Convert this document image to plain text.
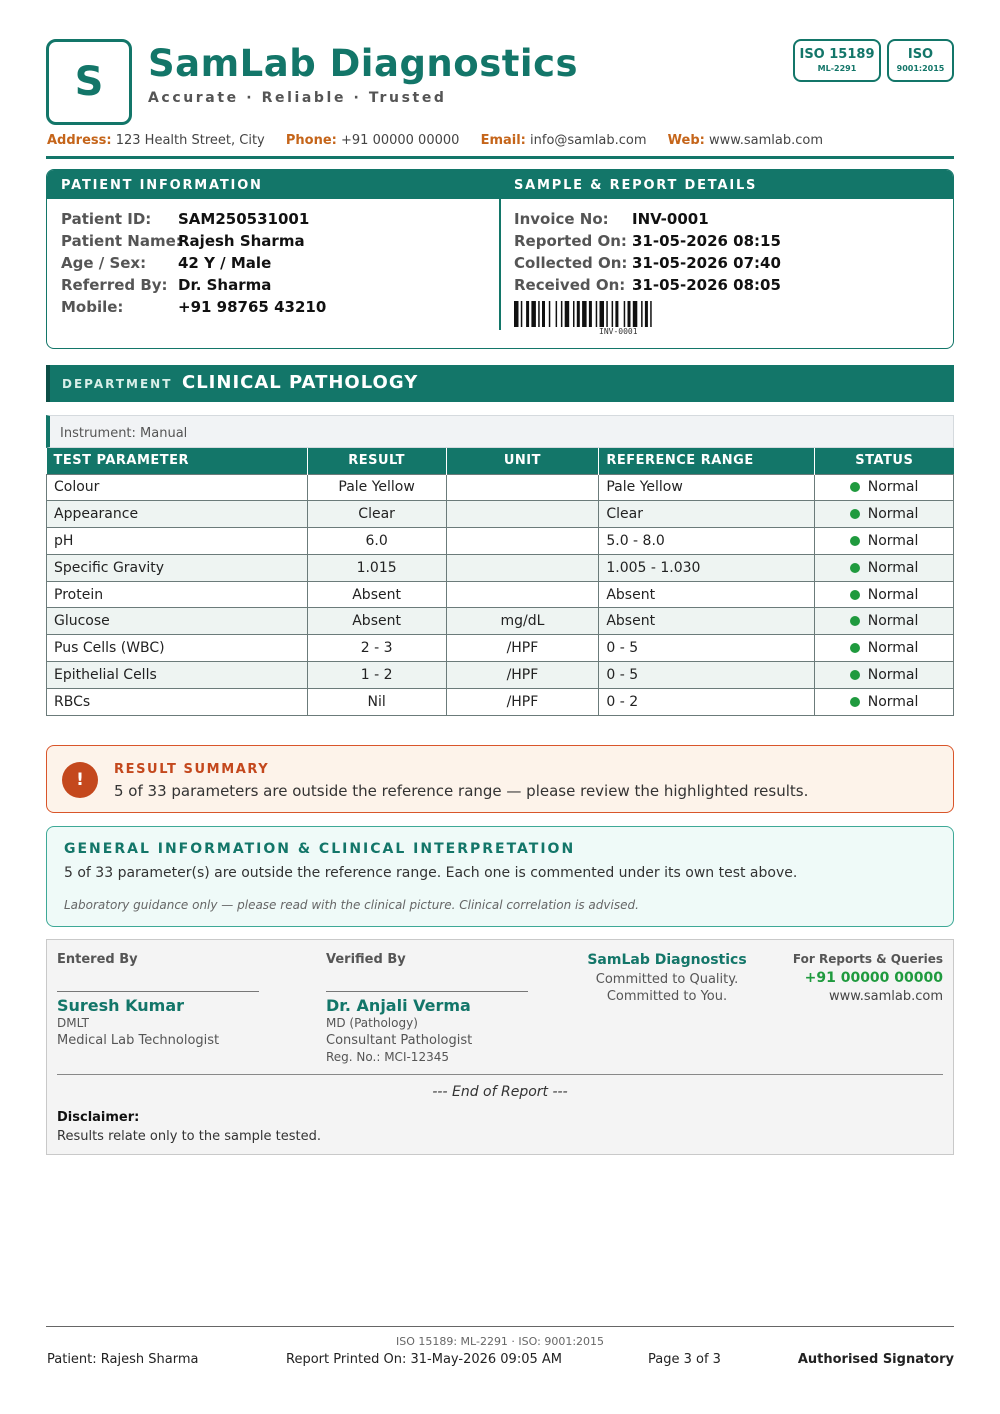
S SamLab Diagnostics
Accurate · Reliable · Trusted
ISO 15189
ML-2291
ISO
9001:2015
Address: 123 Health Street, City Phone: +91 00000 00000 Email: info@samlab.com Web: www.samlab.com
PATIENT INFORMATION	SAMPLE & REPORT DETAILS
Patient ID: SAM250531001
Patient Name:Rajesh Sharma
Age / Sex: 42 Y / Male
Referred By: Dr. Sharma
Mobile:	+91 98765 43210
Invoice No: INV-0001
Reported On: 31-05-2026 08:15
Collected On: 31-05-2026 07:40
Received On: 31-05-2026 08:05
INV-0001
DEPARTMENT CLINICAL PATHOLOGY
Instrument: Manual
TEST PARAMETER	RESULT	UNIT	REFERENCE RANGE	STATUS
Colour	Pale Yellow		Pale Yellow	Normal
Appearance	Clear		Clear	Normal
pH	6.0		5.0 - 8.0	Normal
Specific Gravity	1.015		1.005 - 1.030	Normal
Protein	Absent		Absent	Normal
Glucose	Absent	mg/dL	Absent	Normal
Pus Cells (WBC)	2 - 3	/HPF	0 - 5	Normal
Epithelial Cells	1 - 2	/HPF	0 - 5	Normal
RBCs	Nil	/HPF	0 - 2	Normal
!
RESULT SUMMARY
5 of 33 parameters are outside the reference range — please review the highlighted results.
GENERAL INFORMATION & CLINICAL INTERPRETATION
5 of 33 parameter(s) are outside the reference range. Each one is commented under its own test above.
Laboratory guidance only — please read with the clinical picture. Clinical correlation is advised.
Entered By
Suresh Kumar
DMLT
Medical Lab Technologist
Verified By
Dr. Anjali Verma
MD (Pathology)
Consultant Pathologist
Reg. No.: MCI-12345
SamLab Diagnostics
Committed to Quality.
Committed to You.
For Reports & Queries
+91 00000 00000
www.samlab.com
--- End of Report ---
Disclaimer:
Results relate only to the sample tested.
ISO 15189: ML-2291 · ISO: 9001:2015
Patient: Rajesh Sharma	Report Printed On: 31-May-2026 09:05 AM	Page 3 of 3	Authorised Signatory
